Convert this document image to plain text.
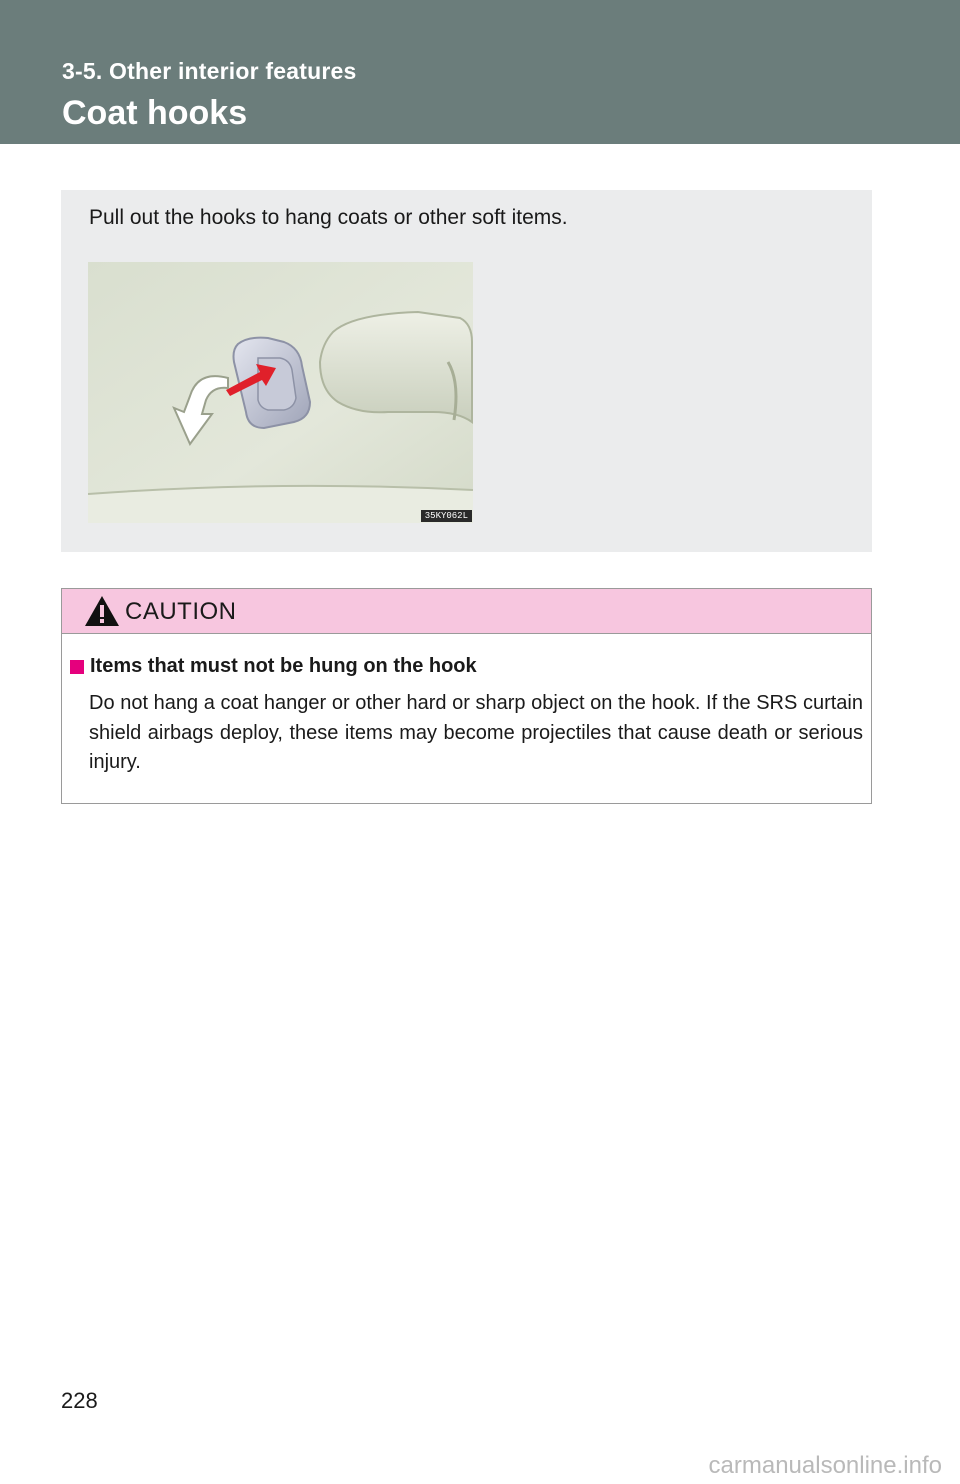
3-5. Other interior features
Coat hooks
Pull out the hooks to hang coats or other soft items.
35KY062L
CAUTION
Items that must not be hung on the hook
Do not hang a coat hanger or other hard or sharp object on the hook. If the SRS curtain shield airbags deploy, these items may become projectiles that cause death or serious injury.
228
carmanualsonline.info
